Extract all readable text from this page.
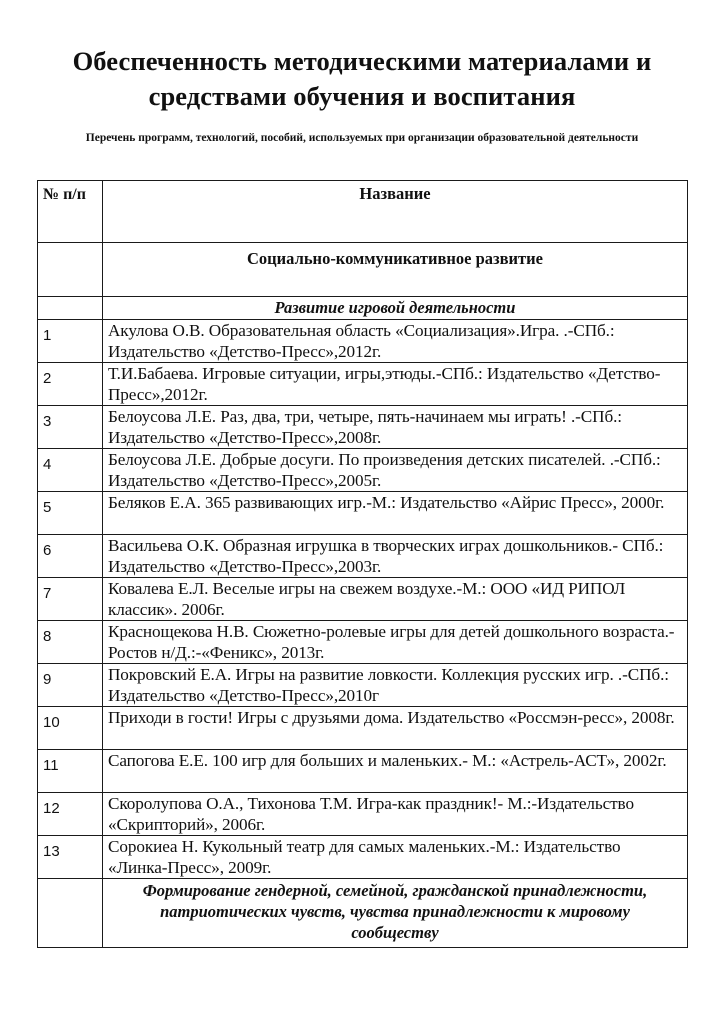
Обеспеченность методическими материалами и средствами обучения и воспитания
Перечень программ, технологий, пособий, используемых при организации образовательной деятельности
№ п/п	Название
	Социально-коммуникативное развитие
	Развитие игровой деятельности
1	Акулова О.В. Образовательная область «Социализация».Игра. .-СПб.: Издательство «Детство-Пресс»,2012г.
2	Т.И.Бабаева. Игровые ситуации, игры,этюды.-СПб.: Издательство «Детство-Пресс»,2012г.
3	Белоусова Л.Е. Раз, два, три, четыре, пять-начинаем мы играть! .-СПб.: Издательство «Детство-Пресс»,2008г.
4	Белоусова Л.Е. Добрые досуги. По произведения детских писателей. .-СПб.: Издательство «Детство-Пресс»,2005г.
5	Беляков Е.А. 365 развивающих игр.-М.: Издательство «Айрис Пресс», 2000г.
6	Васильева О.К. Образная игрушка в творческих играх дошкольников.- СПб.: Издательство «Детство-Пресс»,2003г.
7	Ковалева Е.Л. Веселые игры на свежем воздухе.-М.: ООО «ИД РИПОЛ классик». 2006г.
8	Краснощекова Н.В. Сюжетно-ролевые игры для детей дошкольного возраста.-Ростов н/Д.:-«Феникс», 2013г.
9	Покровский Е.А. Игры на развитие ловкости. Коллекция русских игр. .-СПб.: Издательство «Детство-Пресс»,2010г
10	Приходи в гости! Игры с друзьями дома. Издательство «Россмэн-ресс», 2008г.
11	Сапогова Е.Е. 100 игр для больших и маленьких.- М.: «Астрель-АСТ», 2002г.
12	Скоролупова О.А., Тихонова Т.М. Игра-как праздник!- М.:-Издательство «Скрипторий», 2006г.
13	Сорокиеа Н. Кукольный театр для самых маленьких.-М.: Издательство «Линка-Пресс», 2009г.
	Формирование гендерной, семейной, гражданской принадлежности, патриотических чувств, чувства принадлежности к мировому сообществу
